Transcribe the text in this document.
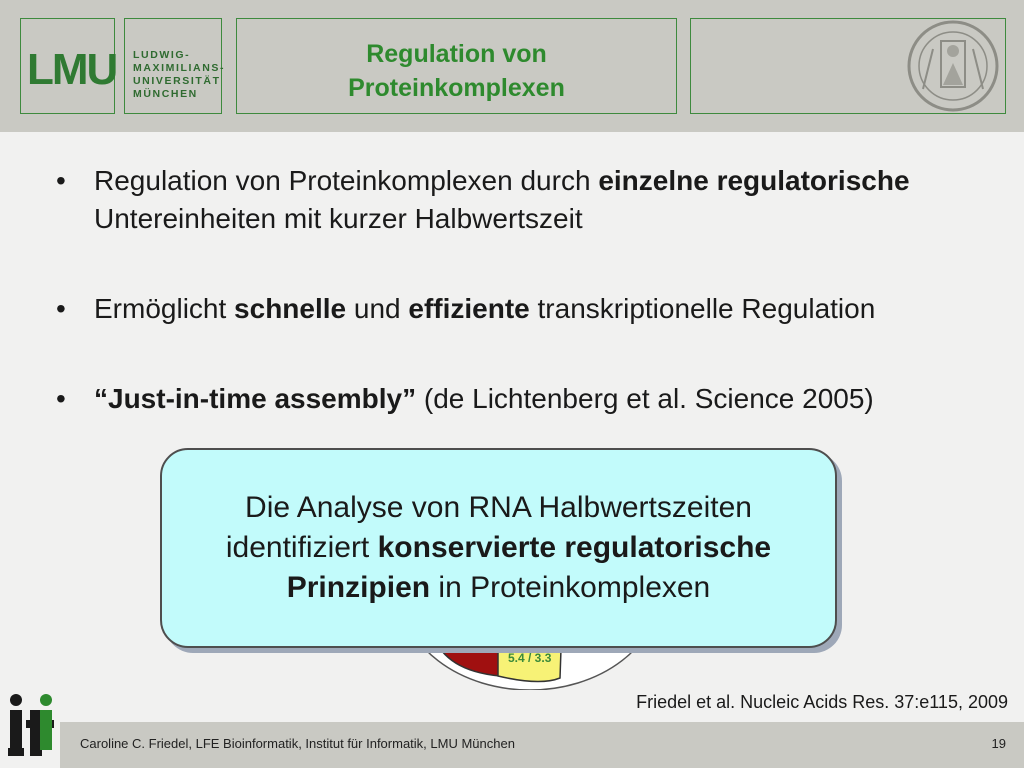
LMU LUDWIG-
MAXIMILIANS-
UNIVERSITÄT
MÜNCHEN
Regulation von
Proteinkomplexen
• Regulation von Proteinkomplexen durch einzelne regulatorische Untereinheiten mit kurzer Halbwertszeit
• Ermöglicht schnelle und effiziente transkriptionelle Regulation
• “Just-in-time assembly” (de Lichtenberg et al. Science 2005)
5.4 / 3.3
Die Analyse von RNA Halbwertszeiten identifiziert konservierte regulatorische Prinzipien in Proteinkomplexen
Friedel et al. Nucleic Acids Res. 37:e115, 2009
Caroline C. Friedel, LFE Bioinformatik, Institut für Informatik, LMU München	19
